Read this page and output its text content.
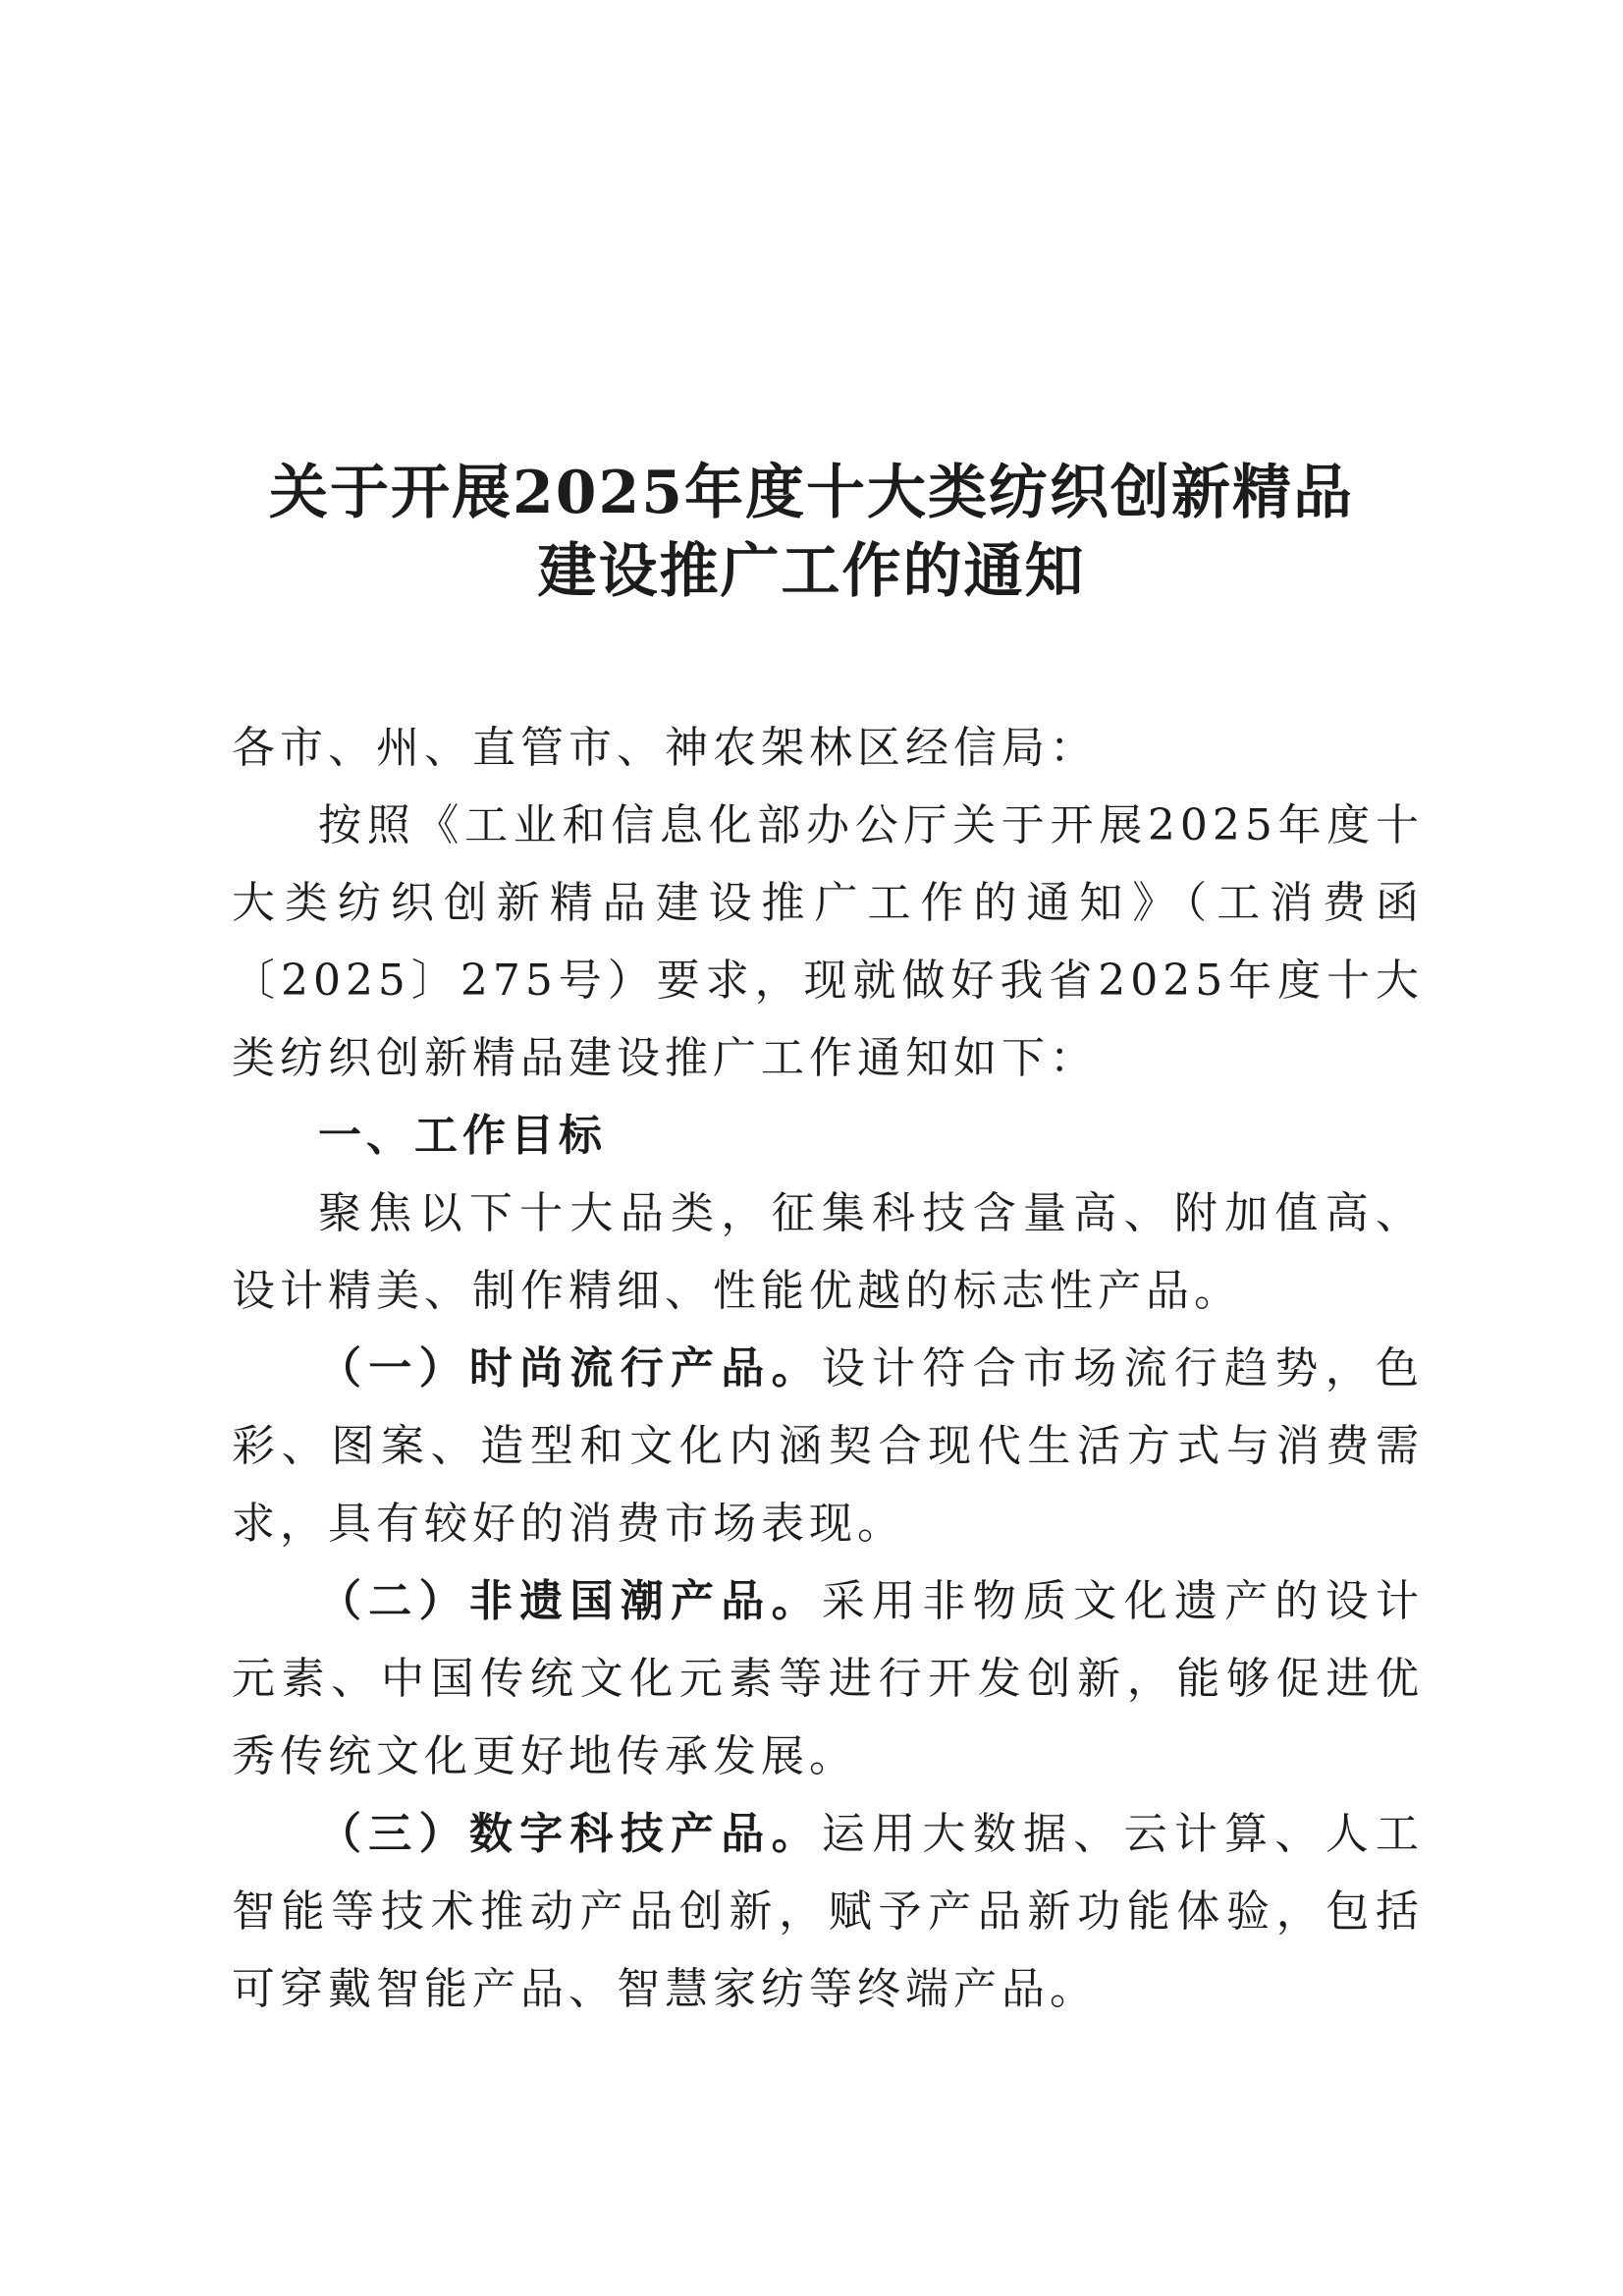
关于开展2025年度十大类纺织创新精品
建设推广工作的通知

各市、州、直管市、神农架林区经信局：

按照《工业和信息化部办公厅关于开展2025年度十大类纺织创新精品建设推广工作的通知》（工消费函〔2025〕275号）要求，现就做好我省2025年度十大类纺织创新精品建设推广工作通知如下：

一、工作目标

聚焦以下十大品类，征集科技含量高、附加值高、设计精美、制作精细、性能优越的标志性产品。

（一）时尚流行产品。设计符合市场流行趋势，色彩、图案、造型和文化内涵契合现代生活方式与消费需求，具有较好的消费市场表现。

（二）非遗国潮产品。采用非物质文化遗产的设计元素、中国传统文化元素等进行开发创新，能够促进优秀传统文化更好地传承发展。

（三）数字科技产品。运用大数据、云计算、人工智能等技术推动产品创新，赋予产品新功能体验，包括可穿戴智能产品、智慧家纺等终端产品。
